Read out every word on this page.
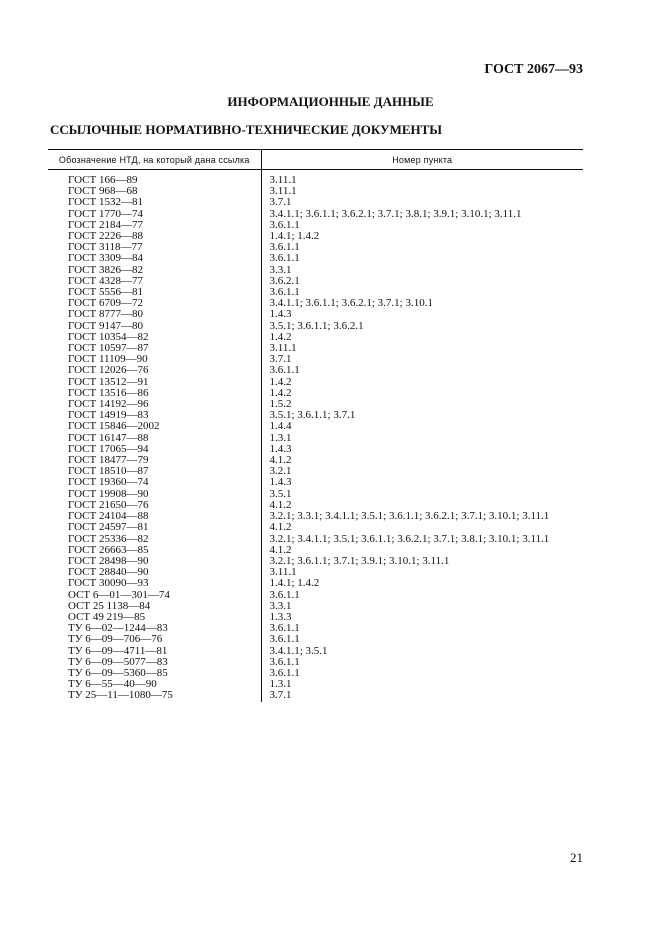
ГОСТ 2067—93
ИНФОРМАЦИОННЫЕ ДАННЫЕ
ССЫЛОЧНЫЕ НОРМАТИВНО-ТЕХНИЧЕСКИЕ ДОКУМЕНТЫ
Обозначение НТД, на который дана ссылка	Номер пункта

ГОСТ 166—89	3.11.1
ГОСТ 968—68	3.11.1
ГОСТ 1532—81	3.7.1
ГОСТ 1770—74	3.4.1.1; 3.6.1.1; 3.6.2.1; 3.7.1; 3.8.1; 3.9.1; 3.10.1; 3.11.1
ГОСТ 2184—77	3.6.1.1
ГОСТ 2226—88	1.4.1; 1.4.2
ГОСТ 3118—77	3.6.1.1
ГОСТ 3309—84	3.6.1.1
ГОСТ 3826—82	3.3.1
ГОСТ 4328—77	3.6.2.1
ГОСТ 5556—81	3.6.1.1
ГОСТ 6709—72	3.4.1.1; 3.6.1.1; 3.6.2.1; 3.7.1; 3.10.1
ГОСТ 8777—80	1.4.3
ГОСТ 9147—80	3.5.1; 3.6.1.1; 3.6.2.1
ГОСТ 10354—82	1.4.2
ГОСТ 10597—87	3.11.1
ГОСТ 11109—90	3.7.1
ГОСТ 12026—76	3.6.1.1
ГОСТ 13512—91	1.4.2
ГОСТ 13516—86	1.4.2
ГОСТ 14192—96	1.5.2
ГОСТ 14919—83	3.5.1; 3.6.1.1; 3.7.1
ГОСТ 15846—2002	1.4.4
ГОСТ 16147—88	1.3.1
ГОСТ 17065—94	1.4.3
ГОСТ 18477—79	4.1.2
ГОСТ 18510—87	3.2.1
ГОСТ 19360—74	1.4.3
ГОСТ 19908—90	3.5.1
ГОСТ 21650—76	4.1.2
ГОСТ 24104—88	3.2.1; 3.3.1; 3.4.1.1; 3.5.1; 3.6.1.1; 3.6.2.1; 3.7.1; 3.10.1; 3.11.1
ГОСТ 24597—81	4.1.2
ГОСТ 25336—82	3.2.1; 3.4.1.1; 3.5.1; 3.6.1.1; 3.6.2.1; 3.7.1; 3.8.1; 3.10.1; 3.11.1
ГОСТ 26663—85	4.1.2
ГОСТ 28498—90	3.2.1; 3.6.1.1; 3.7.1; 3.9.1; 3.10.1; 3.11.1
ГОСТ 28840—90	3.11.1
ГОСТ 30090—93	1.4.1; 1.4.2
ОСТ 6—01—301—74	3.6.1.1
ОСТ 25 1138—84	3.3.1
ОСТ 49 219—85	1.3.3
ТУ 6—02—1244—83	3.6.1.1
ТУ 6—09—706—76	3.6.1.1
ТУ 6—09—4711—81	3.4.1.1; 3.5.1
ТУ 6—09—5077—83	3.6.1.1
ТУ 6—09—5360—85	3.6.1.1
ТУ 6—55—40—90	1.3.1
ТУ 25—11—1080—75	3.7.1
21
